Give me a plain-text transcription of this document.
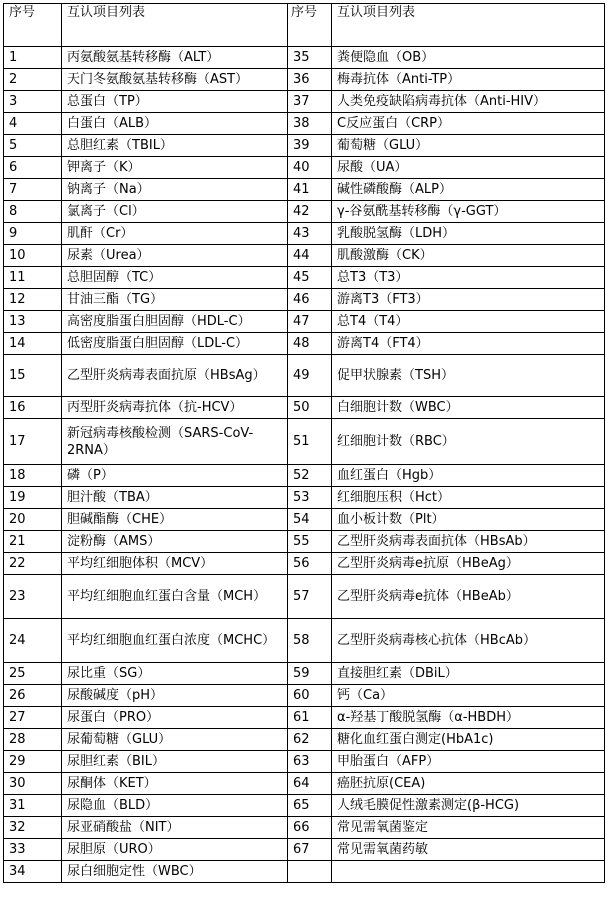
序号	互认项目列表	序号	互认项目列表
1	丙氨酸氨基转移酶（ALT）	35	粪便隐血（OB）
2	天门冬氨酸氨基转移酶（AST）	36	梅毒抗体（Anti-TP）
3	总蛋白（TP）	37	人类免疫缺陷病毒抗体（Anti-HIV）
4	白蛋白（ALB）	38	C反应蛋白（CRP）
5	总胆红素（TBIL）	39	葡萄糖（GLU）
6	钾离子（K）	40	尿酸（UA）
7	钠离子（Na）	41	碱性磷酸酶（ALP）
8	氯离子（Cl）	42	γ-谷氨酰基转移酶（γ-GGT）
9	肌酐（Cr）	43	乳酸脱氢酶（LDH）
10	尿素（Urea）	44	肌酸激酶（CK）
11	总胆固醇（TC）	45	总T3（T3）
12	甘油三酯（TG）	46	游离T3（FT3）
13	高密度脂蛋白胆固醇（HDL-C）	47	总T4（T4）
14	低密度脂蛋白胆固醇（LDL-C）	48	游离T4（FT4）
15	乙型肝炎病毒表面抗原（HBsAg）	49	促甲状腺素（TSH）
16	丙型肝炎病毒抗体（抗-HCV）	50	白细胞计数（WBC）
17	新冠病毒核酸检测（SARS-CoV-2RNA）	51	红细胞计数（RBC）
18	磷（P）	52	血红蛋白（Hgb）
19	胆汁酸（TBA）	53	红细胞压积（Hct）
20	胆碱酯酶（CHE）	54	血小板计数（Plt）
21	淀粉酶（AMS）	55	乙型肝炎病毒表面抗体（HBsAb）
22	平均红细胞体积（MCV）	56	乙型肝炎病毒e抗原（HBeAg）
23	平均红细胞血红蛋白含量（MCH）	57	乙型肝炎病毒e抗体（HBeAb）
24	平均红细胞血红蛋白浓度（MCHC）	58	乙型肝炎病毒核心抗体（HBcAb）
25	尿比重（SG）	59	直接胆红素（DBiL）
26	尿酸碱度（pH）	60	钙（Ca）
27	尿蛋白（PRO）	61	α-羟基丁酸脱氢酶（α-HBDH）
28	尿葡萄糖（GLU）	62	糖化血红蛋白测定(HbA1c)
29	尿胆红素（BIL）	63	甲胎蛋白（AFP）
30	尿酮体（KET）	64	癌胚抗原(CEA)
31	尿隐血（BLD）	65	人绒毛膜促性激素测定(β-HCG)
32	尿亚硝酸盐（NIT）	66	常见需氧菌鉴定
33	尿胆原（URO）	67	常见需氧菌药敏
34	尿白细胞定性（WBC）		
